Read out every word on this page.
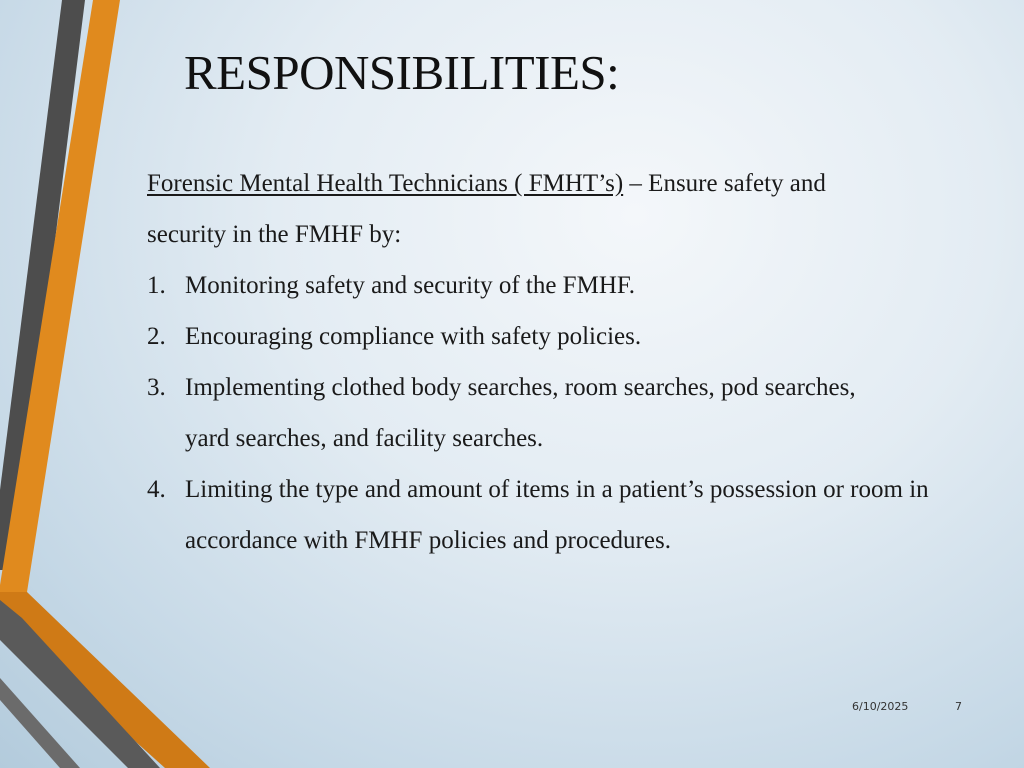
RESPONSIBILITIES:
Forensic Mental Health Technicians ( FMHT’s) – Ensure safety and
security in the FMHF by:
1. Monitoring safety and security of the FMHF.
2. Encouraging compliance with safety policies.
3. Implementing clothed body searches, room searches, pod searches, yard searches, and facility searches.
4. Limiting the type and amount of items in a patient’s possession or room in accordance with FMHF policies and procedures.
6/10/2025	7
